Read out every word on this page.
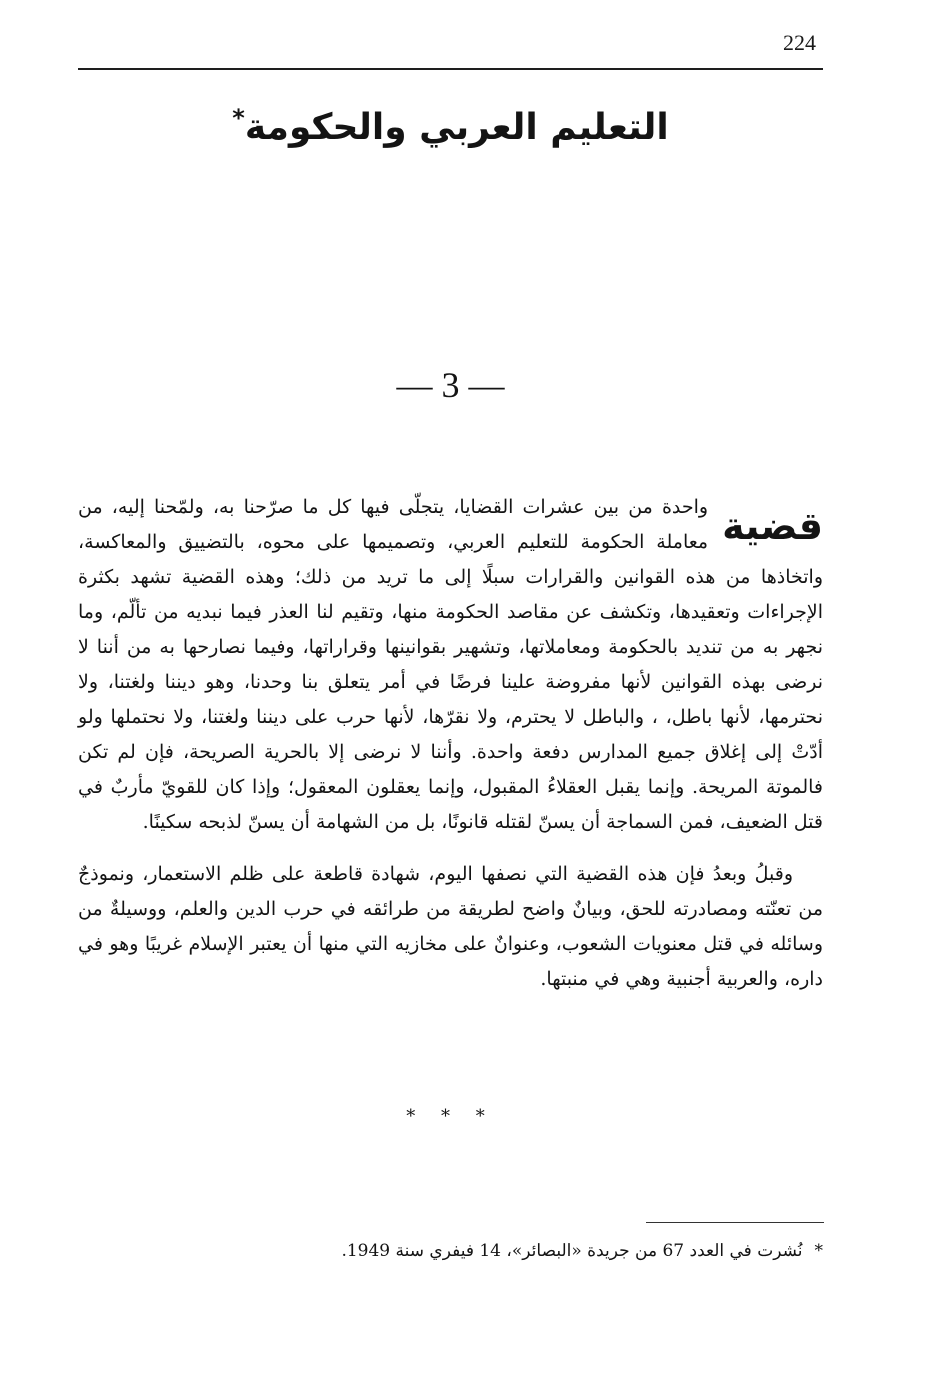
224
التعليم العربي والحكومة*
— 3 —

قضية
واحدة من بين عشرات القضايا، يتجلّى فيها كل ما صرّحنا به، ولمّحنا إليه، من معاملة الحكومة للتعليم العربي، وتصميمها على محوه، بالتضييق والمعاكسة، واتخاذها من هذه القوانين والقرارات سبلًا إلى ما تريد من ذلك؛ وهذه القضية تشهد بكثرة الإجراءات وتعقيدها، وتكشف عن مقاصد الحكومة منها، وتقيم لنا العذر فيما نبديه من تألّم، وما نجهر به من تنديد بالحكومة ومعاملاتها، وتشهير بقوانينها وقراراتها، وفيما نصارحها به من أننا لا نرضى بهذه القوانين لأنها مفروضة علينا فرضًا في أمر يتعلق بنا وحدنا، وهو ديننا ولغتنا، ولا نحترمها، لأنها باطل، ، والباطل لا يحترم، ولا نقرّها، لأنها حرب على ديننا ولغتنا، ولا نحتملها ولو أدّتْ إلى إغلاق جميع المدارس دفعة واحدة. وأننا لا نرضى إلا بالحرية الصريحة، فإن لم تكن فالموتة المريحة. وإنما يقبل العقلاءُ المقبول، وإنما يعقلون المعقول؛ وإذا كان للقويّ مأربٌ في قتل الضعيف، فمن السماجة أن يسنّ لقتله قانونًا، بل من الشهامة أن يسنّ لذبحه سكينًا.

وقبلُ وبعدُ فإن هذه القضية التي نصفها اليوم، شهادة قاطعة على ظلم الاستعمار، ونموذجٌ من تعنّته ومصادرته للحق، وبيانٌ واضح لطريقة من طرائقه في حرب الدين والعلم، ووسيلةٌ من وسائله في قتل معنويات الشعوب، وعنوانٌ على مخازيه التي منها أن يعتبر الإسلام غريبًا وهو في داره، والعربية أجنبية وهي في منبتها.

* * *
*نُشرت في العدد 67 من جريدة «البصائر»، 14 فيفري سنة 1949.
